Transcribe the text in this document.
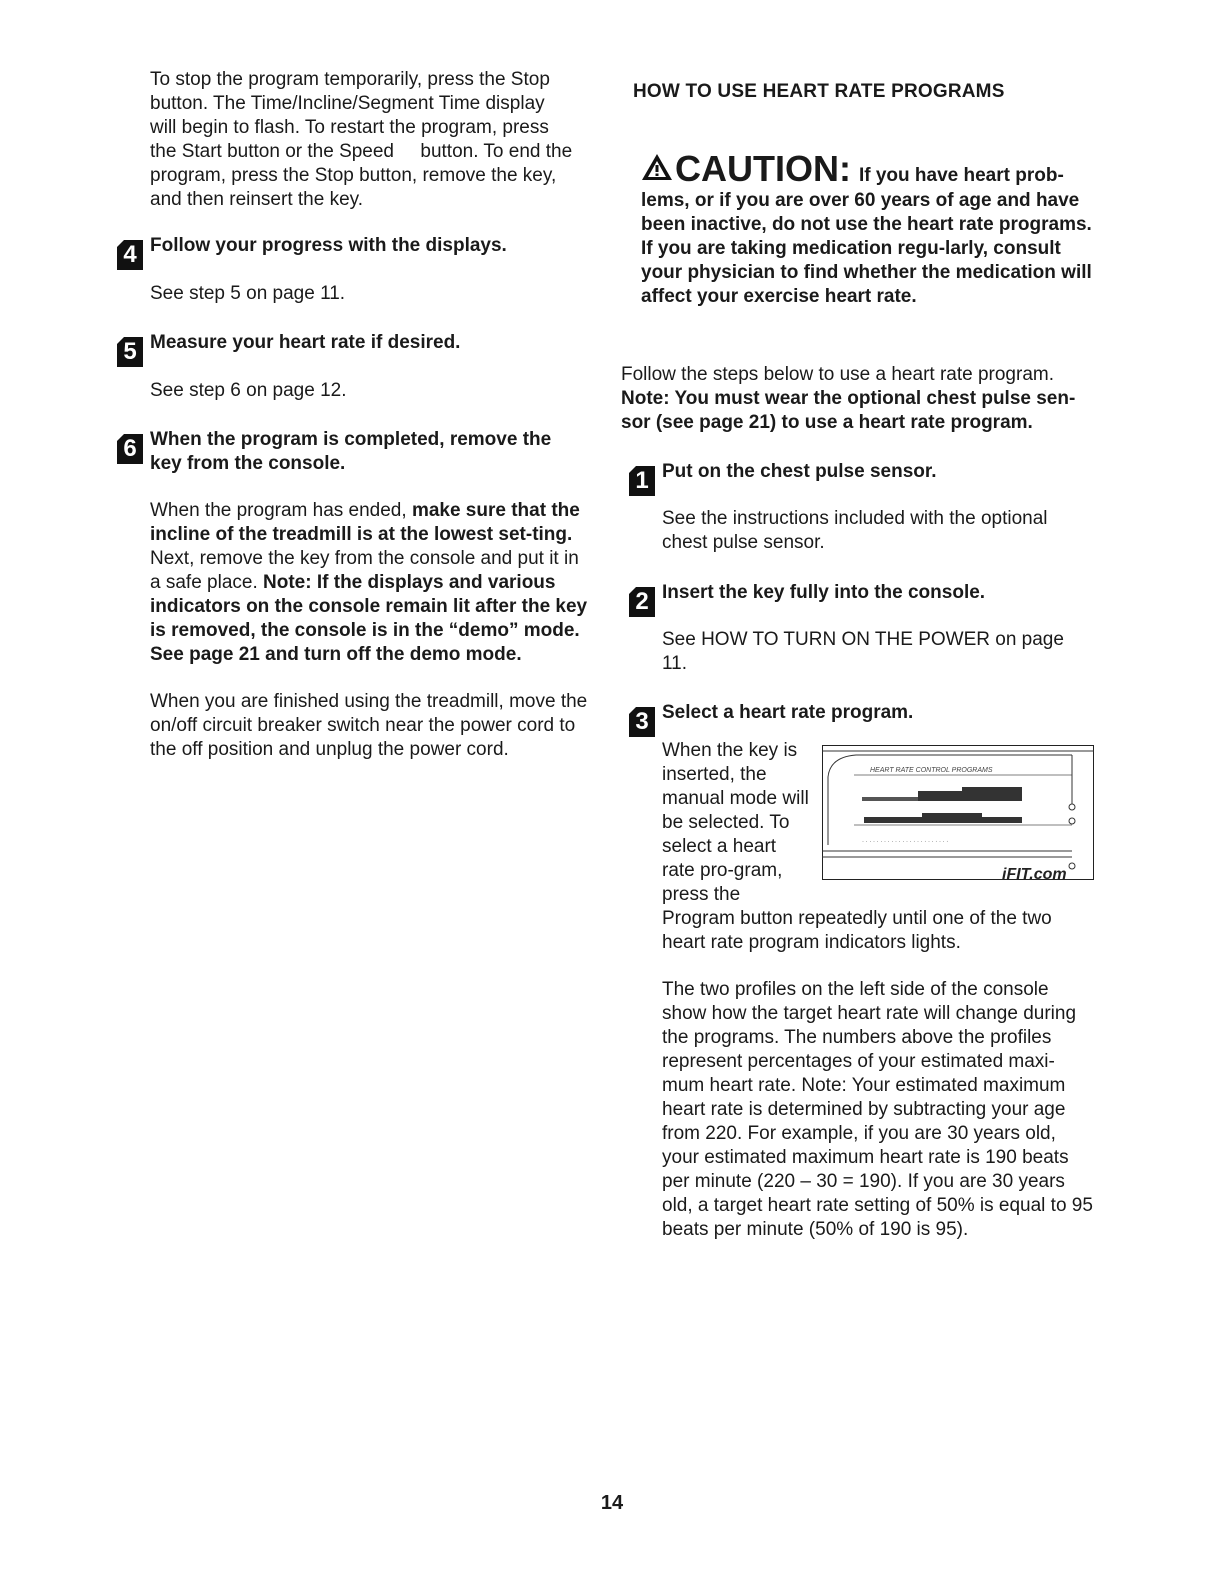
To stop the program temporarily, press the Stop
button. The Time/Incline/Segment Time display
will begin to flash. To restart the program, press
the Start button or the Speed     button. To end the
program, press the Stop button, remove the key,
and then reinsert the key.
4 Follow your progress with the displays.

See step 5 on page 11.

5 Measure your heart rate if desired.

See step 6 on page 12.

6 When the program is completed, remove the
key from the console.

When the program has ended, make sure that the incline of the treadmill is at the lowest set-ting. Next, remove the key from the console and put it in a safe place. Note: If the displays and various indicators on the console remain lit after the key is removed, the console is in the “demo” mode. See page 21 and turn off the demo mode.

When you are finished using the treadmill, move the on/off circuit breaker switch near the power cord to the off position and unplug the power cord.

HOW TO USE HEART RATE PROGRAMS
CAUTION: If you have heart prob-
lems, or if you are over 60 years of age and have been inactive, do not use the heart rate programs. If you are taking medication regu-larly, consult your physician to find whether the medication will affect your exercise heart rate.

Follow the steps below to use a heart rate program.

Note: You must wear the optional chest pulse sen-sor (see page 21) to use a heart rate program.

1 Put on the chest pulse sensor.

See the instructions included with the optional chest pulse sensor.

2 Insert the key fully into the console.

See HOW TO TURN ON THE POWER on page 11.

3 Select a heart rate program.

HEART RATE CONTROL PROGRAMS
· · · · · · · · · · · · · · · · · · · · · · · ·
iFIT.com

When the key is inserted, the manual mode will be selected. To select a heart rate pro-gram, press the Program button repeatedly until one of the two heart rate program indicators lights.

The two profiles on the left side of the console show how the target heart rate will change during the programs. The numbers above the profiles represent percentages of your estimated maxi-mum heart rate. Note: Your estimated maximum heart rate is determined by subtracting your age from 220. For example, if you are 30 years old, your estimated maximum heart rate is 190 beats per minute (220 – 30 = 190). If you are 30 years old, a target heart rate setting of 50% is equal to 95 beats per minute (50% of 190 is 95).

14
